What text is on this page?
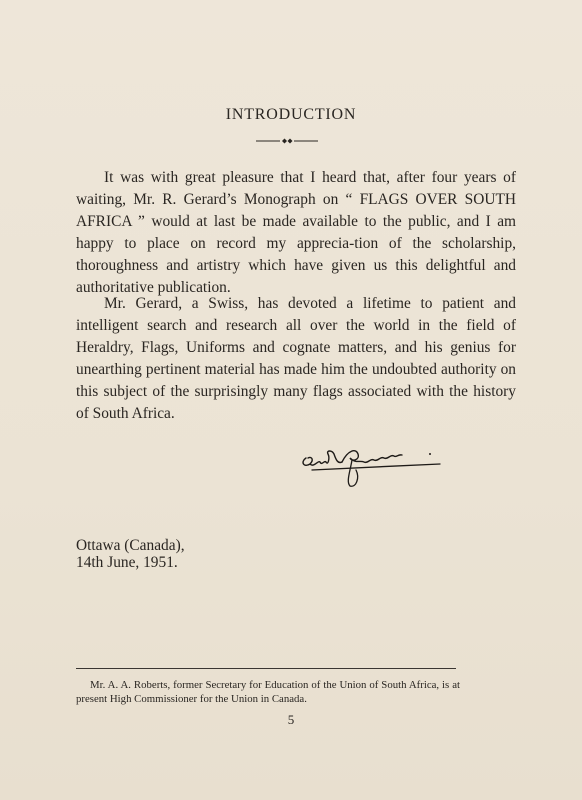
INTRODUCTION

It was with great pleasure that I heard that, after four years of waiting, Mr. R. Gerard’s Monograph on “ FLAGS OVER SOUTH AFRICA ” would at last be made available to the public, and I am happy to place on record my apprecia-tion of the scholarship, thoroughness and artistry which have given us this delightful and authoritative publication.

Mr. Gerard, a Swiss, has devoted a lifetime to patient and intelligent search and research all over the world in the field of Heraldry, Flags, Uniforms and cognate matters, and his genius for unearthing pertinent material has made him the undoubted authority on this subject of the surprisingly many flags associated with the history of South Africa.

Ottawa (Canada),
14th June, 1951.

Mr. A. A. Roberts, former Secretary for Education of the Union of South Africa, is at present High Commissioner for the Union in Canada.

5
